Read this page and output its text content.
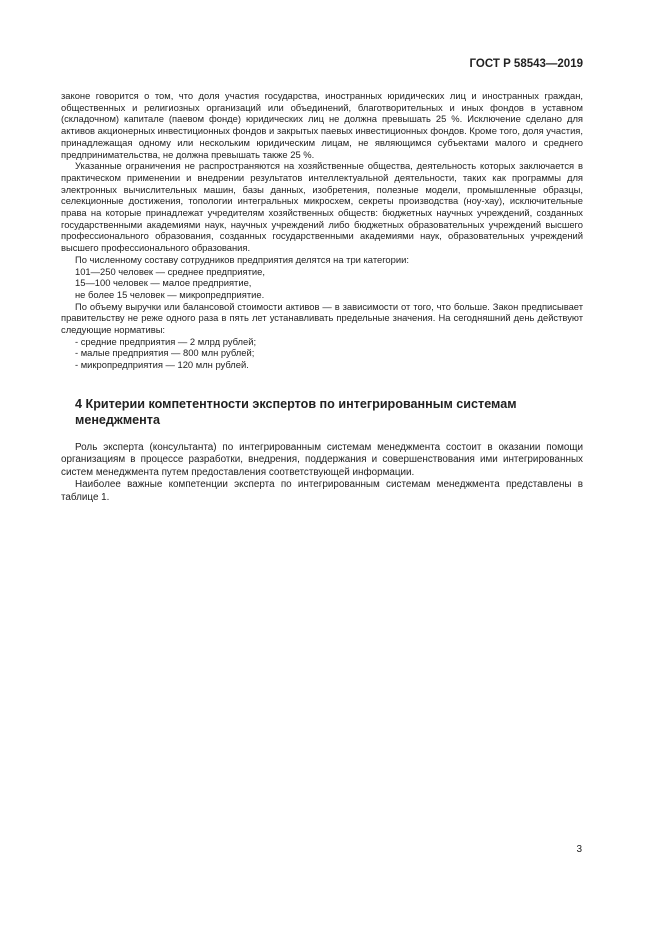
ГОСТ Р 58543—2019

законе говорится о том, что доля участия государства, иностранных юридических лиц и иностранных граждан, общественных и религиозных организаций или объединений, благотворительных и иных фондов в уставном (складочном) капитале (паевом фонде) юридических лиц не должна превышать 25 %. Исключение сделано для активов акционерных инвестиционных фондов и закрытых паевых инвестиционных фондов. Кроме того, доля участия, принадлежащая одному или нескольким юридическим лицам, не являющимся субъектами малого и среднего предпринимательства, не должна превышать также 25 %.

Указанные ограничения не распространяются на хозяйственные общества, деятельность которых заключается в практическом применении и внедрении результатов интеллектуальной деятельности, таких как программы для электронных вычислительных машин, базы данных, изобретения, полезные модели, промышленные образцы, селекционные достижения, топологии интегральных микросхем, секреты производства (ноу-хау), исключительные права на которые принадлежат учредителям хозяйственных обществ: бюджетных научных учреждений, созданных государственными академиями наук, научных учреждений либо бюджетных образовательных учреждений высшего профессионального образования, созданных государственными академиями наук, образовательных учреждений высшего профессионального образования.

По численному составу сотрудников предприятия делятся на три категории:

101—250 человек — среднее предприятие,

15—100 человек — малое предприятие,

не более 15 человек — микропредприятие.

По объему выручки или балансовой стоимости активов — в зависимости от того, что больше. Закон предписывает правительству не реже одного раза в пять лет устанавливать предельные значения. На сегодняшний день действуют следующие нормативы:

- средние предприятия — 2 млрд рублей;

- малые предприятия — 800 млн рублей;

- микропредприятия — 120 млн рублей.

4 Критерии компетентности экспертов по интегрированным системам менеджмента

Роль эксперта (консультанта) по интегрированным системам менеджмента состоит в оказании помощи организациям в процессе разработки, внедрения, поддержания и совершенствования ими интегрированных систем менеджмента путем предоставления соответствующей информации.

Наиболее важные компетенции эксперта по интегрированным системам менеджмента представлены в таблице 1.

3
